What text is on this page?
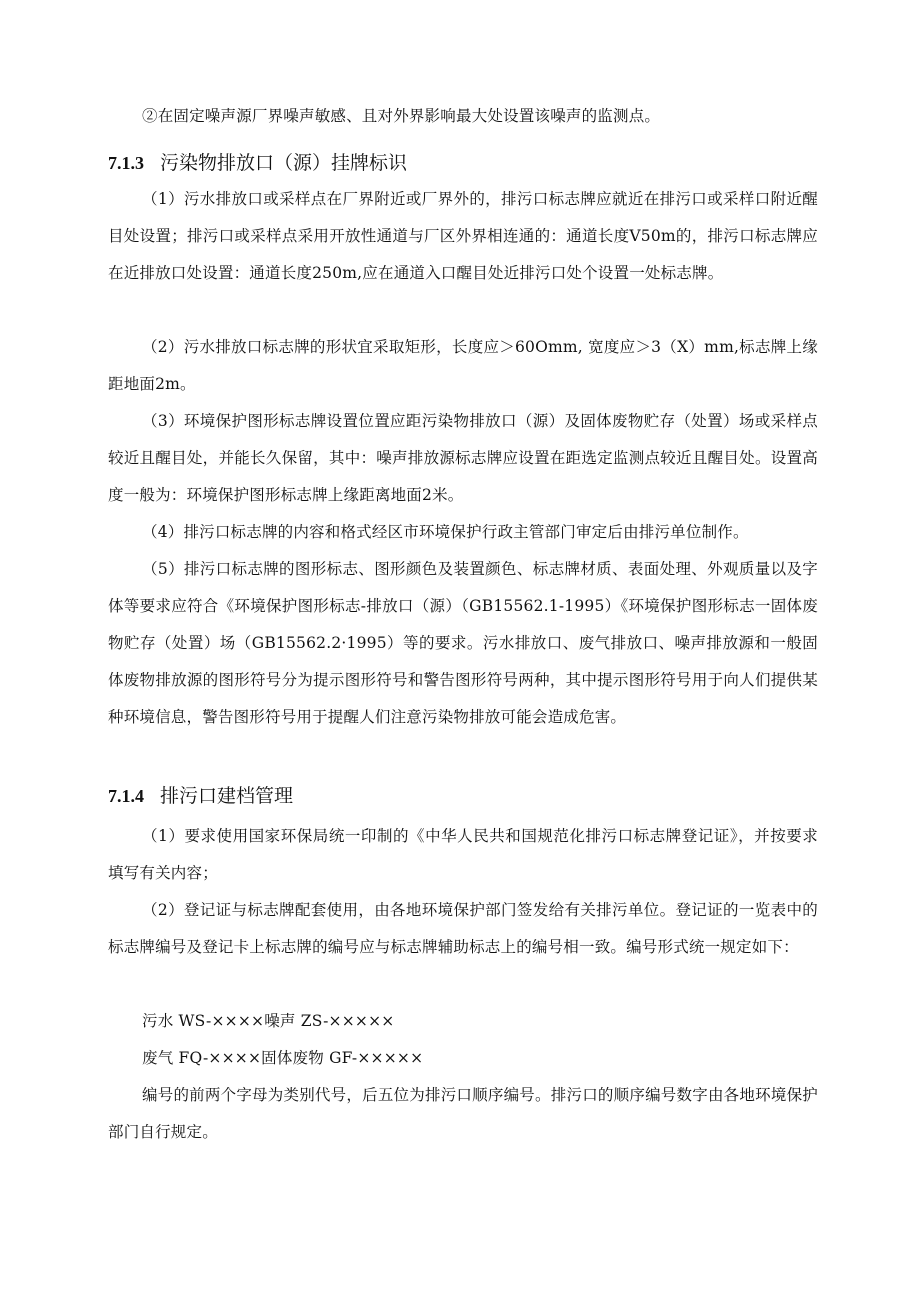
②在固定噪声源厂界噪声敏感、且对外界影响最大处设置该噪声的监测点。

7.1.3 污染物排放口（源）挂牌标识

（1）污水排放口或采样点在厂界附近或厂界外的，排污口标志牌应就近在排污口或采样口附近醒目处设置；排污口或采样点采用开放性通道与厂区外界相连通的：通道长度V50m的，排污口标志牌应在近排放口处设置：通道长度250m,应在通道入口醒目处近排污口处个设置一处标志牌。

（2）污水排放口标志牌的形状宜采取矩形，长度应＞60Omm, 宽度应＞3（X）mm,标志牌上缘距地面2m。

（3）环境保护图形标志牌设置位置应距污染物排放口（源）及固体废物贮存（处置）场或采样点较近且醒目处，并能长久保留，其中：噪声排放源标志牌应设置在距选定监测点较近且醒目处。设置高度一般为：环境保护图形标志牌上缘距离地面2米。

（4）排污口标志牌的内容和格式经区市环境保护行政主管部门审定后由排污单位制作。

（5）排污口标志牌的图形标志、图形颜色及装置颜色、标志牌材质、表面处理、外观质量以及字体等要求应符合《环境保护图形标志-排放口（源）（GB15562.1-1995）《环境保护图形标志一固体废物贮存（处置）场（GB15562.2·1995）等的要求。污水排放口、废气排放口、噪声排放源和一般固体废物排放源的图形符号分为提示图形符号和警告图形符号两种，其中提示图形符号用于向人们提供某种环境信息，警告图形符号用于提醒人们注意污染物排放可能会造成危害。

7.1.4 排污口建档管理

（1）要求使用国家环保局统一印制的《中华人民共和国规范化排污口标志牌登记证》，并按要求填写有关内容；

（2）登记证与标志牌配套使用，由各地环境保护部门签发给有关排污单位。登记证的一览表中的标志牌编号及登记卡上标志牌的编号应与标志牌辅助标志上的编号相一致。编号形式统一规定如下：

污水 WS-××××噪声 ZS-×××××

废气 FQ-××××固体废物 GF-×××××

编号的前两个字母为类别代号，后五位为排污口顺序编号。排污口的顺序编号数字由各地环境保护部门自行规定。
